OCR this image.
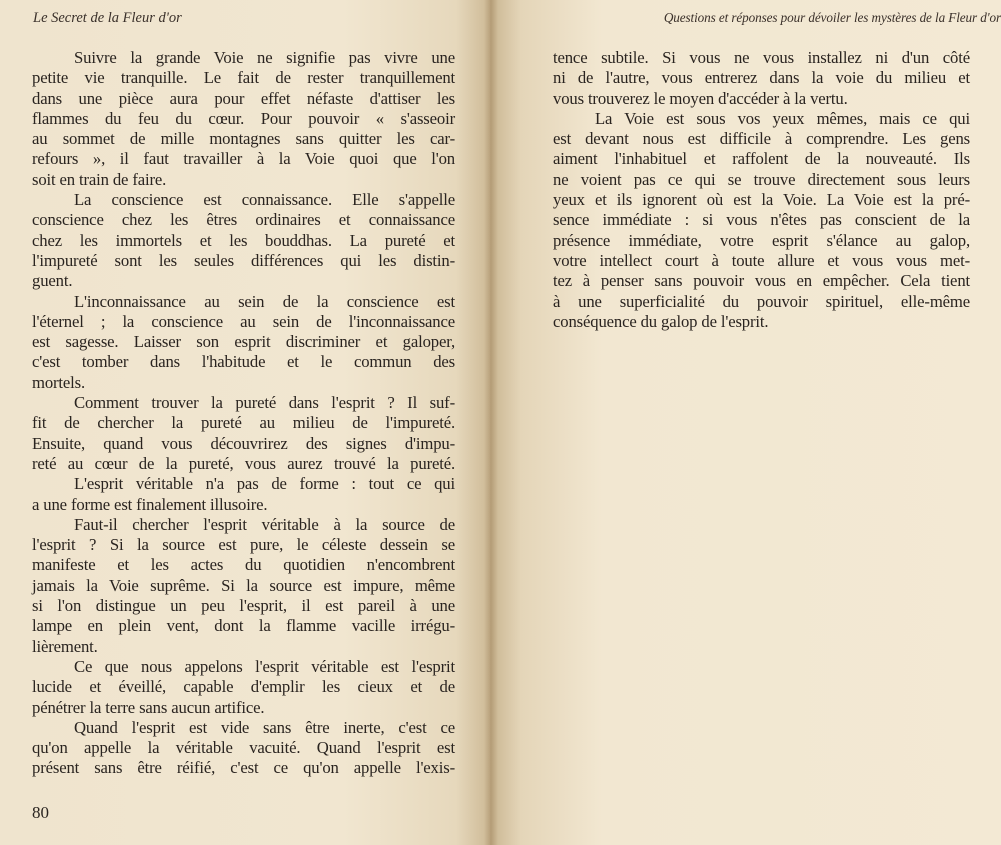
Le Secret de la Fleur d'or
Suivre la grande Voie ne signifie pas vivre une
petite vie tranquille. Le fait de rester tranquillement
dans une pièce aura pour effet néfaste d'attiser les
flammes du feu du cœur. Pour pouvoir « s'asseoir
au sommet de mille montagnes sans quitter les car-
refours », il faut travailler à la Voie quoi que l'on
soit en train de faire.
La conscience est connaissance. Elle s'appelle
conscience chez les êtres ordinaires et connaissance
chez les immortels et les bouddhas. La pureté et
l'impureté sont les seules différences qui les distin-
guent.
L'inconnaissance au sein de la conscience est
l'éternel ; la conscience au sein de l'inconnaissance
est sagesse. Laisser son esprit discriminer et galoper,
c'est tomber dans l'habitude et le commun des
mortels.
Comment trouver la pureté dans l'esprit ? Il suf-
fit de chercher la pureté au milieu de l'impureté.
Ensuite, quand vous découvrirez des signes d'impu-
reté au cœur de la pureté, vous aurez trouvé la pureté.
L'esprit véritable n'a pas de forme : tout ce qui
a une forme est finalement illusoire.
Faut-il chercher l'esprit véritable à la source de
l'esprit ? Si la source est pure, le céleste dessein se
manifeste et les actes du quotidien n'encombrent
jamais la Voie suprême. Si la source est impure, même
si l'on distingue un peu l'esprit, il est pareil à une
lampe en plein vent, dont la flamme vacille irrégu-
lièrement.
Ce que nous appelons l'esprit véritable est l'esprit
lucide et éveillé, capable d'emplir les cieux et de
pénétrer la terre sans aucun artifice.
Quand l'esprit est vide sans être inerte, c'est ce
qu'on appelle la véritable vacuité. Quand l'esprit est
présent sans être réifié, c'est ce qu'on appelle l'exis-
80
Questions et réponses pour dévoiler les mystères de la Fleur d'or
tence subtile. Si vous ne vous installez ni d'un côté
ni de l'autre, vous entrerez dans la voie du milieu et
vous trouverez le moyen d'accéder à la vertu.
La Voie est sous vos yeux mêmes, mais ce qui
est devant nous est difficile à comprendre. Les gens
aiment l'inhabituel et raffolent de la nouveauté. Ils
ne voient pas ce qui se trouve directement sous leurs
yeux et ils ignorent où est la Voie. La Voie est la pré-
sence immédiate : si vous n'êtes pas conscient de la
présence immédiate, votre esprit s'élance au galop,
votre intellect court à toute allure et vous vous met-
tez à penser sans pouvoir vous en empêcher. Cela tient
à une superficialité du pouvoir spirituel, elle-même
conséquence du galop de l'esprit.
